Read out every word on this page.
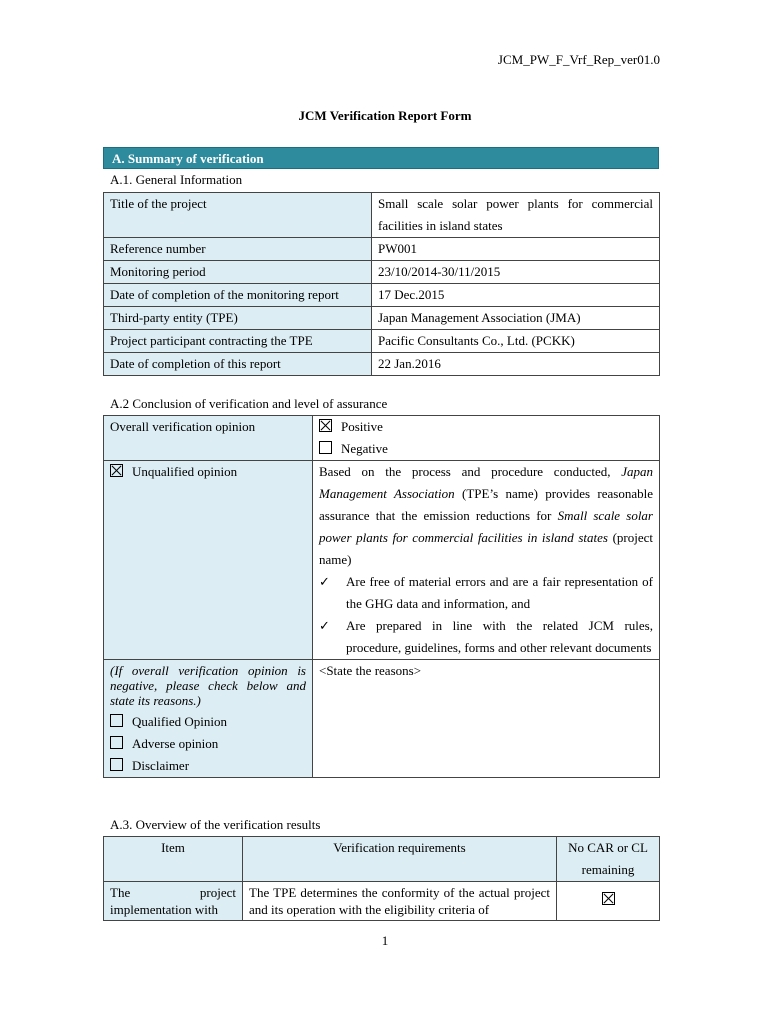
JCM_PW_F_Vrf_Rep_ver01.0
JCM Verification Report Form
A. Summary of verification
A.1. General Information
Title of the project	Small scale solar power plants for commercial facilities in island states
Reference number	PW001
Monitoring period	23/10/2014-30/11/2015
Date of completion of the monitoring report	17 Dec.2015
Third-party entity (TPE)	Japan Management Association (JMA)
Project participant contracting the TPE	Pacific Consultants Co., Ltd. (PCKK)
Date of completion of this report	22 Jan.2016
A.2 Conclusion of verification and level of assurance
Overall verification opinion	Positive
Negative

Unqualified opinion	Based on the process and procedure conducted, Japan Management Association (TPE’s name) provides reasonable assurance that the emission reductions for Small scale solar power plants for commercial facilities in island states (project name)
✓ Are free of material errors and are a fair representation of the GHG data and information, and
✓ Are prepared in line with the related JCM rules, procedure, guidelines, forms and other relevant documents

(If overall verification opinion is negative, please check below and state its reasons.)
Qualified Opinion
Adverse opinion
Disclaimer	<State the reasons>
A.3. Overview of the verification results
Item	Verification requirements	No CAR or CL remaining
The project implementation with	The TPE determines the conformity of the actual project and its operation with the eligibility criteria of	
1
